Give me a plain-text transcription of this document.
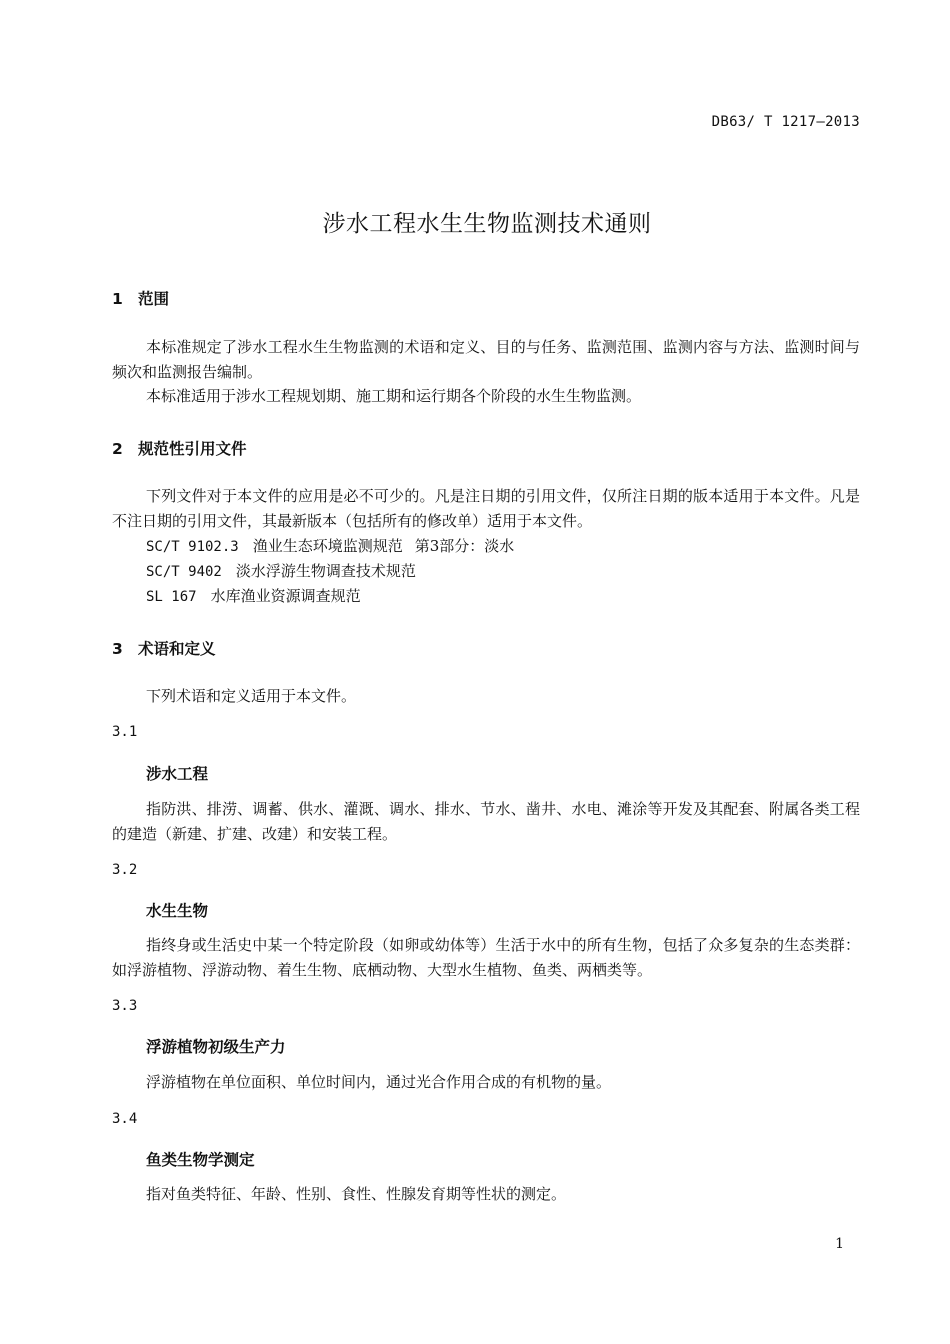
DB63/ T 1217—2013
涉水工程水生生物监测技术通则
1 范围
本标准规定了涉水工程水生生物监测的术语和定义、目的与任务、监测范围、监测内容与方法、监测时间与频次和监测报告编制。
本标准适用于涉水工程规划期、施工期和运行期各个阶段的水生生物监测。
2 规范性引用文件
下列文件对于本文件的应用是必不可少的。凡是注日期的引用文件，仅所注日期的版本适用于本文件。凡是不注日期的引用文件，其最新版本（包括所有的修改单）适用于本文件。
SC/T 9102.3 渔业生态环境监测规范 第3部分：淡水
SC/T 9402 淡水浮游生物调查技术规范
SL 167 水库渔业资源调查规范
3 术语和定义
下列术语和定义适用于本文件。
3.1
涉水工程
指防洪、排涝、调蓄、供水、灌溉、调水、排水、节水、凿井、水电、滩涂等开发及其配套、附属各类工程的建造（新建、扩建、改建）和安装工程。
3.2
水生生物
指终身或生活史中某一个特定阶段（如卵或幼体等）生活于水中的所有生物，包括了众多复杂的生态类群：如浮游植物、浮游动物、着生生物、底栖动物、大型水生植物、鱼类、两栖类等。
3.3
浮游植物初级生产力
浮游植物在单位面积、单位时间内，通过光合作用合成的有机物的量。
3.4
鱼类生物学测定
指对鱼类特征、年龄、性别、食性、性腺发育期等性状的测定。
1
